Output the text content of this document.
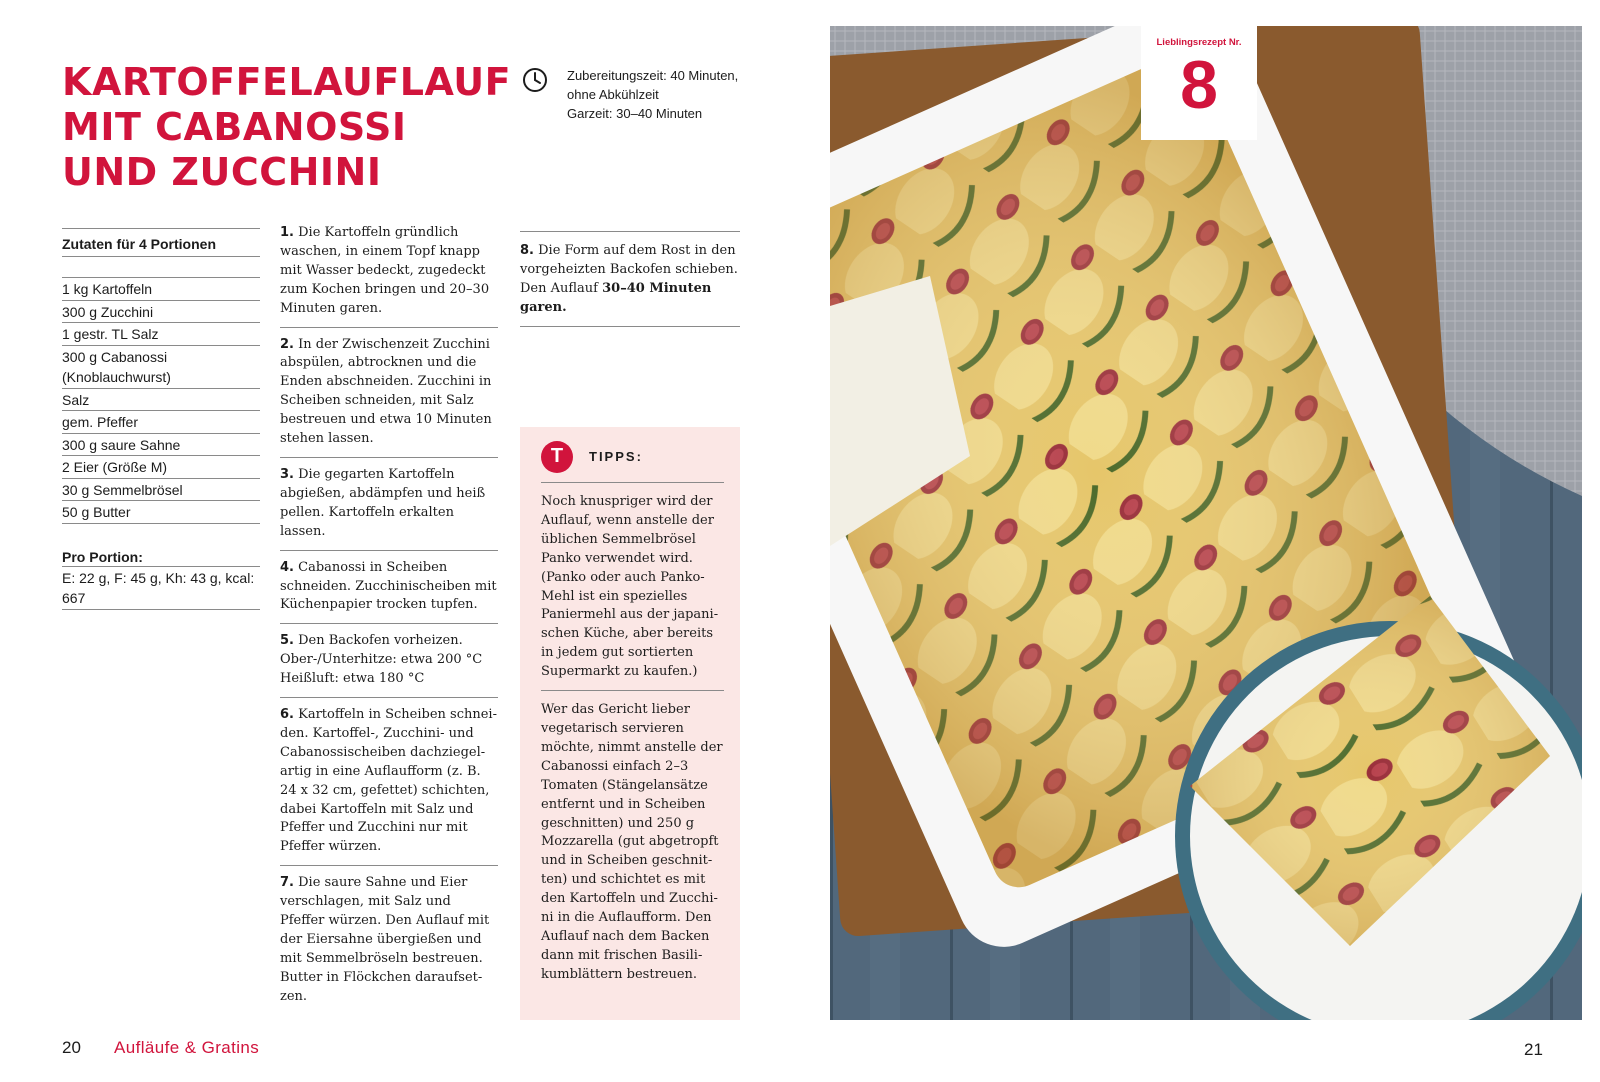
KARTOFFELAUFLAUF MIT CABANOSSI UND ZUCCHINI
Zubereitungszeit: 40 Minuten,
ohne Abkühlzeit
Garzeit: 30–40 Minuten
Zutaten für 4 Portionen
1 kg Kartoffeln
300 g Zucchini
1 gestr. TL Salz
300 g Cabanossi (Knoblauchwurst)
Salz
gem. Pfeffer
300 g saure Sahne
2 Eier (Größe M)
30 g Semmelbrösel
50 g Butter
Pro Portion:
E: 22 g, F: 45 g, Kh: 43 g, kcal: 667
1. Die Kartoffeln gründlich waschen, in einem Topf knapp mit Wasser bedeckt, zugedeckt zum Kochen bringen und 20–30 Minuten garen.
2. In der Zwischenzeit Zucchini abspülen, abtrocknen und die Enden abschneiden. Zucchini in Scheiben schneiden, mit Salz bestreuen und etwa 10 Minuten stehen lassen.
3. Die gegarten Kartoffeln abgießen, abdämpfen und heiß pellen. Kartoffeln erkalten lassen.
4. Cabanossi in Scheiben schneiden. Zucchinischeiben mit Küchenpapier trocken tupfen.
5. Den Backofen vorheizen. Ober-/Unterhitze: etwa 200 °C Heißluft: etwa 180 °C
6. Kartoffeln in Scheiben schneiden. Kartoffel-, Zucchini- und Cabanossischeiben dachziegelartig in eine Auflaufform (z. B. 24 x 32 cm, gefettet) schichten, dabei Kartoffeln mit Salz und Pfeffer und Zucchini nur mit Pfeffer würzen.
7. Die saure Sahne und Eier verschlagen, mit Salz und Pfeffer würzen. Den Auflauf mit der Eiersahne übergießen und mit Semmelbröseln bestreuen. Butter in Flöckchen daraufsetzen.
8. Die Form auf dem Rost in den vorgeheizten Backofen schieben. Den Auflauf 30–40 Minuten garen.
T	TIPPS:

Noch knuspriger wird der Auflauf, wenn anstelle der üblichen Semmelbrösel Panko verwendet wird. (Panko oder auch Panko-Mehl ist ein spezielles Paniermehl aus der japanischen Küche, aber bereits in jedem gut sortierten Supermarkt zu kaufen.)

Wer das Gericht lieber vegetarisch servieren möchte, nimmt anstelle der Cabanossi einfach 2–3 Tomaten (Stängelansätze entfernt und in Scheiben geschnitten) und 250 g Mozzarella (gut abgetropft und in Scheiben geschnitten) und schichtet es mit den Kartoffeln und Zucchini in die Auflaufform. Den Auflauf nach dem Backen dann mit frischen Basilikumblättern bestreuen.

Lieblingsrezept Nr.
8
20 Aufläufe & Gratins	21
